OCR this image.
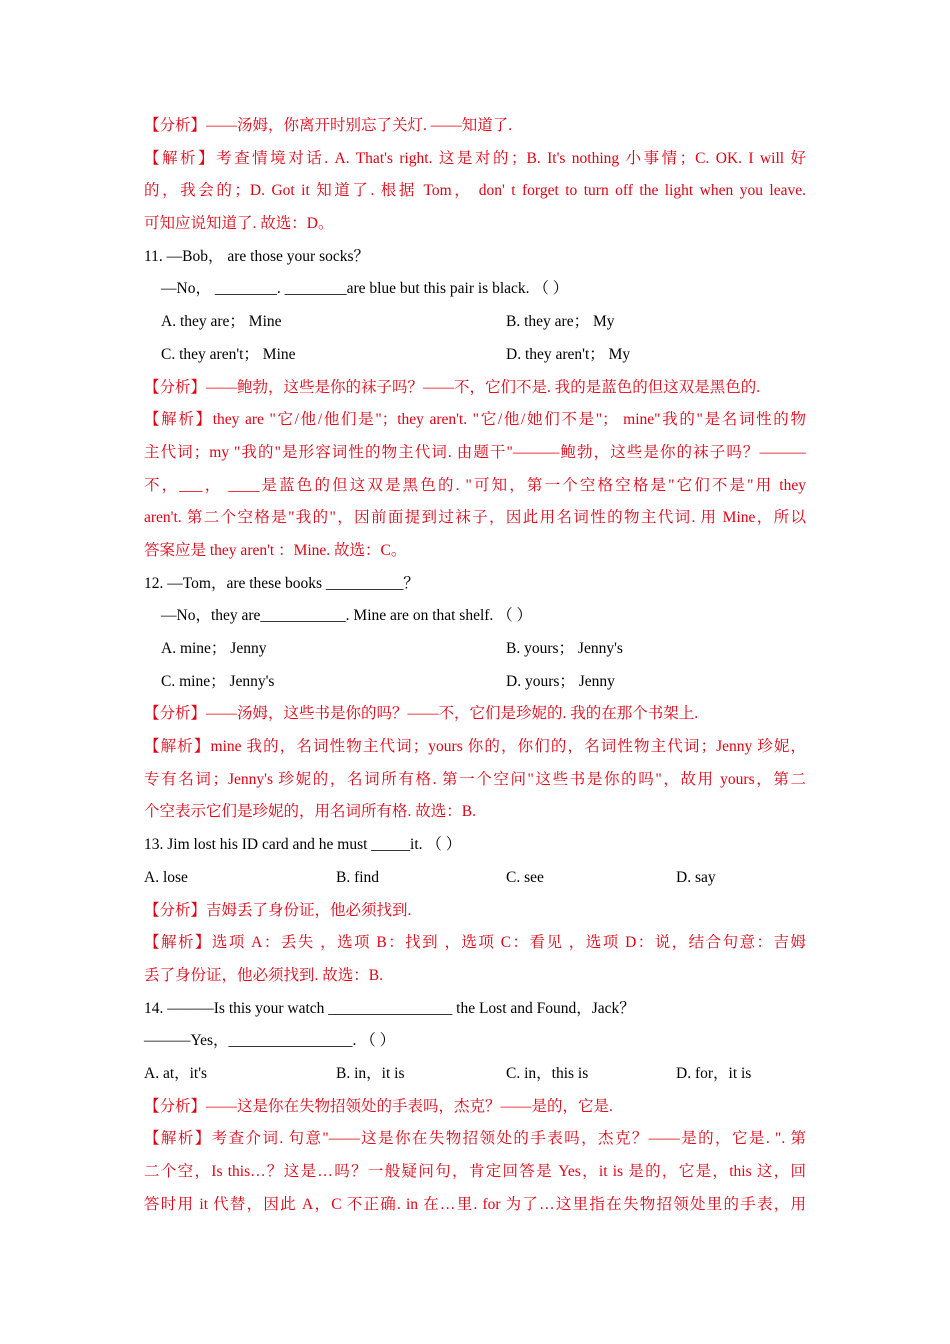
【分析】——汤姆，你离开时别忘了关灯. ——知道了.
【解析】考查情境对话. A. That's right. 这是对的；B. It's nothing 小事情；C. OK. I will 好
的，我会的；D. Got it 知道了. 根据 Tom， don' t forget to turn off the light when you leave.
可知应说知道了. 故选：D。
11. —Bob， are those your socks？
—No， ________. ________are blue but this pair is black. （ ）
A. they are； Mine	B. they are； My
C. they aren't； Mine	D. they aren't； My
【分析】——鲍勃，这些是你的袜子吗？——不，它们不是. 我的是蓝色的但这双是黑色的.
【解析】they are "它/他/他们是"；they aren't. "它/他/她们不是"； mine"我的"是名词性的物
主代词；my "我的"是形容词性的物主代词. 由题干"———鲍勃，这些是你的袜子吗？———
不，___， ____是蓝色的但这双是黑色的. "可知，第一个空格空格是"它们不是"用 they
aren't. 第二个空格是"我的"，因前面提到过袜子，因此用名词性的物主代词. 用 Mine，所以
答案应是 they aren't ：Mine. 故选：C。
12. —Tom，are these books __________？
—No，they are___________. Mine are on that shelf. （ ）
A. mine； Jenny	B. yours； Jenny's
C. mine； Jenny's	D. yours； Jenny
【分析】——汤姆，这些书是你的吗？——不，它们是珍妮的. 我的在那个书架上.
【解析】mine 我的，名词性物主代词；yours 你的，你们的，名词性物主代词；Jenny 珍妮，
专有名词；Jenny's 珍妮的，名词所有格. 第一个空问"这些书是你的吗"，故用 yours，第二
个空表示它们是珍妮的，用名词所有格. 故选：B.
13. Jim lost his ID card and he must _____it. （ ）
A. lose	B. find	C. see	D. say
【分析】吉姆丢了身份证，他必须找到.
【解析】选项 A：丢失 ，选项 B：找到 ，选项 C：看见 ，选项 D：说，结合句意：吉姆
丢了身份证，他必须找到. 故选：B.
14. ———Is this your watch ________________ the Lost and Found，Jack？
———Yes，________________. （ ）
A. at，it's	B. in，it is	C. in，this is	D. for，it is
【分析】——这是你在失物招领处的手表吗，杰克？——是的，它是.
【解析】考查介词. 句意"——这是你在失物招领处的手表吗，杰克？——是的，它是. ". 第
二个空，Is this…？这是…吗？一般疑问句，肯定回答是 Yes，it is 是的，它是，this 这，回
答时用 it 代替，因此 A，C 不正确. in 在…里. for 为了…这里指在失物招领处里的手表，用
